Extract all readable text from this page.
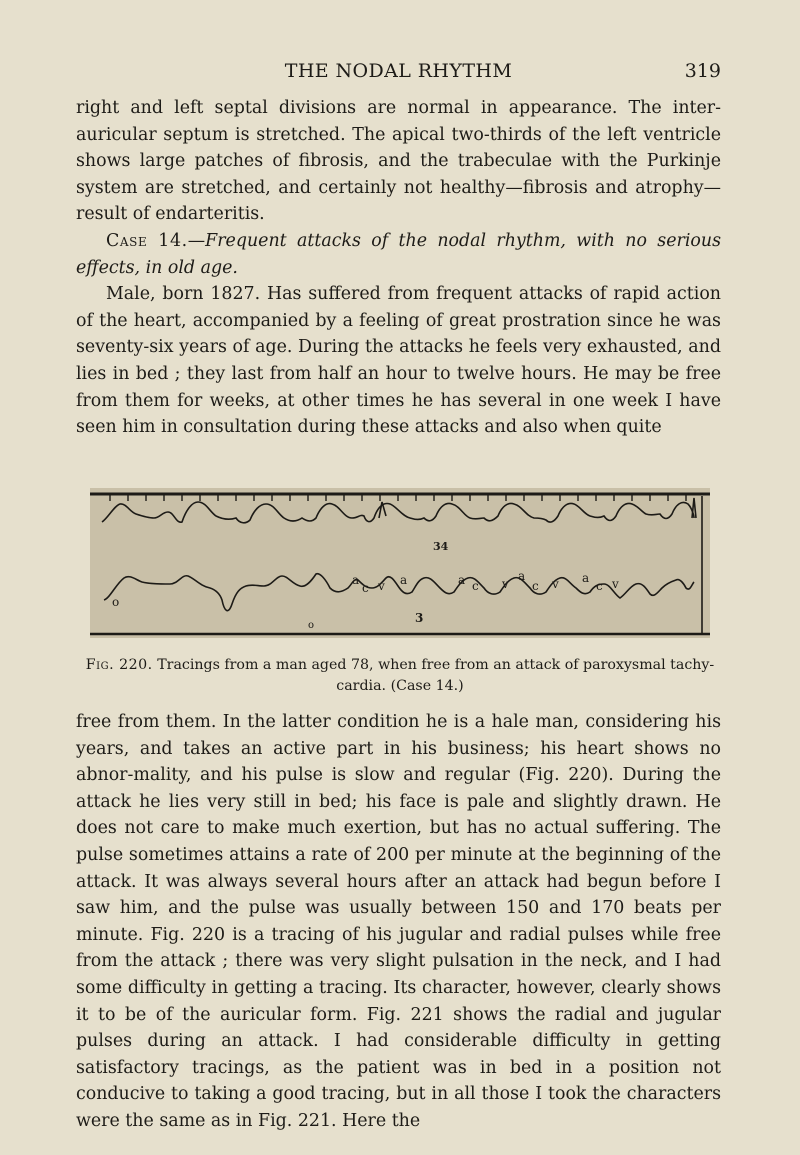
THE NODAL RHYTHM	319

right and left septal divisions are normal in appearance. The inter-auricular septum is stretched. The apical two-thirds of the left ventricle shows large patches of fibrosis, and the trabeculae with the Purkinje system are stretched, and certainly not healthy—fibrosis and atrophy—result of endarteritis.

Case 14.—Frequent attacks of the nodal rhythm, with no serious effects, in old age.

Male, born 1827. Has suffered from frequent attacks of rapid action of the heart, accompanied by a feeling of great prostration since he was seventy-six years of age. During the attacks he feels very exhausted, and lies in bed ; they last from half an hour to twelve hours. He may be free from them for weeks, at other times he has several in one week I have seen him in consultation during these attacks and also when quite

o
a
c v a	a c v
a
c v a
c v
o
34
3
Fig. 220. Tracings from a man aged 78, when free from an attack of paroxysmal tachy-cardia. (Case 14.)

free from them. In the latter condition he is a hale man, considering his years, and takes an active part in his business; his heart shows no abnor-mality, and his pulse is slow and regular (Fig. 220). During the attack he lies very still in bed; his face is pale and slightly drawn. He does not care to make much exertion, but has no actual suffering. The pulse sometimes attains a rate of 200 per minute at the beginning of the attack. It was always several hours after an attack had begun before I saw him, and the pulse was usually between 150 and 170 beats per minute. Fig. 220 is a tracing of his jugular and radial pulses while free from the attack ; there was very slight pulsation in the neck, and I had some difficulty in getting a tracing. Its character, however, clearly shows it to be of the auricular form. Fig. 221 shows the radial and jugular pulses during an attack. I had considerable difficulty in getting satisfactory tracings, as the patient was in bed in a position not conducive to taking a good tracing, but in all those I took the characters were the same as in Fig. 221. Here the
